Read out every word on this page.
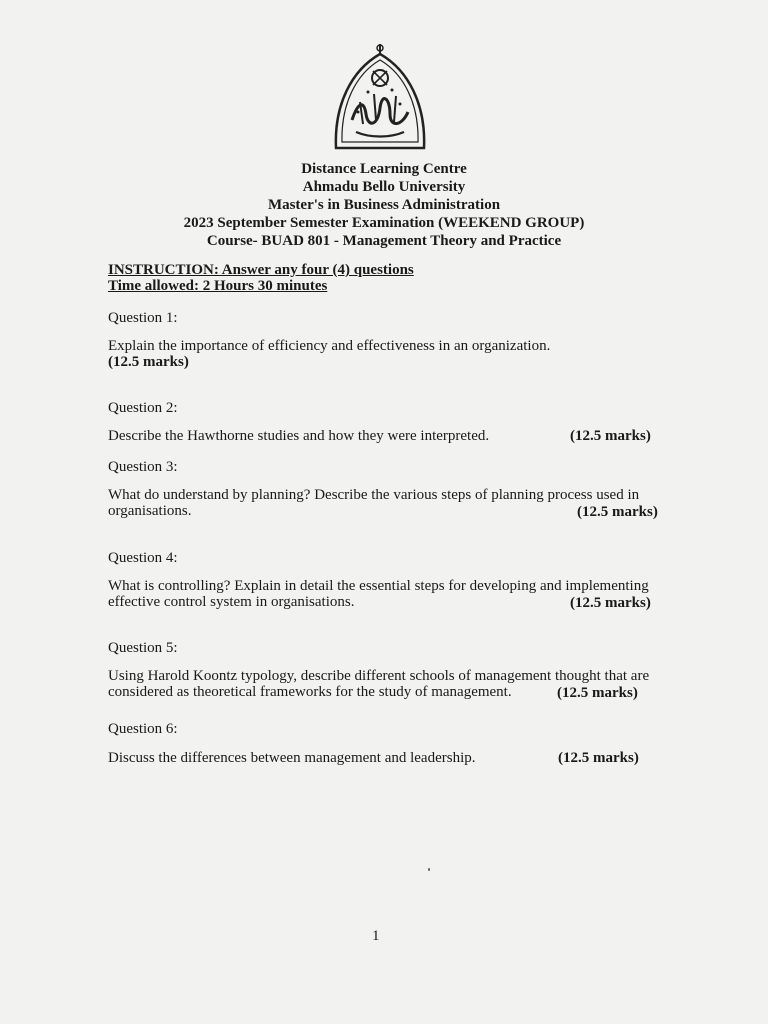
Distance Learning Centre
Ahmadu Bello University
Master's in Business Administration
2023 September Semester Examination (WEEKEND GROUP)
Course- BUAD 801 - Management Theory and Practice
INSTRUCTION: Answer any four (4) questions
Time allowed: 2 Hours 30 minutes
Question 1:
Explain the importance of efficiency and effectiveness in an organization.
(12.5 marks)
Question 2:
Describe the Hawthorne studies and how they were interpreted.	(12.5 marks)
Question 3:
What do understand by planning? Describe the various steps of planning process used in
organisations.	(12.5 marks)
Question 4:
What is controlling? Explain in detail the essential steps for developing and implementing
effective control system in organisations.	(12.5 marks)
Question 5:
Using Harold Koontz typology, describe different schools of management thought that are
considered as theoretical frameworks for the study of management.	(12.5 marks)
Question 6:
Discuss the differences between management and leadership.	(12.5 marks)
1
